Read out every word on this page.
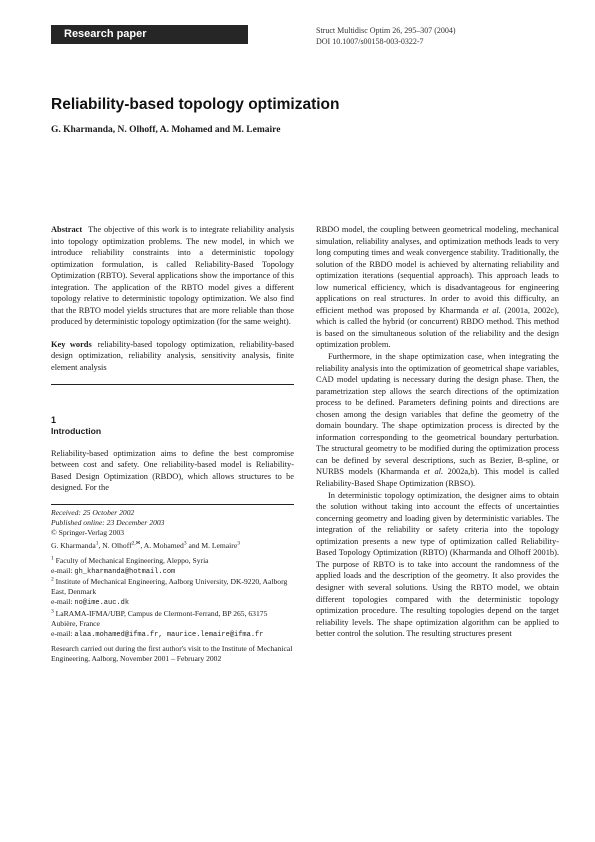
Research paper	Struct Multidisc Optim 26, 295–307 (2004)
DOI 10.1007/s00158-003-0322-7
Reliability-based topology optimization
G. Kharmanda, N. Olhoff, A. Mohamed and M. Lemaire

Abstract The objective of this work is to integrate reliability analysis into topology optimization problems. The new model, in which we introduce reliability constraints into a deterministic topology optimization formulation, is called Reliability-Based Topology Optimization (RBTO). Several applications show the importance of this integration. The application of the RBTO model gives a different topology relative to deterministic topology optimization. We also find that the RBTO model yields structures that are more reliable than those produced by deterministic topology optimization (for the same weight).

Key words reliability-based topology optimization, reliability-based design optimization, reliability analysis, sensitivity analysis, finite element analysis

1
Introduction

Reliability-based optimization aims to define the best compromise between cost and safety. One reliability-based model is Reliability-Based Design Optimization (RBDO), which allows structures to be designed. For the

Received: 25 October 2002

Published online: 23 December 2003

© Springer-Verlag 2003

G. Kharmanda$^1$, N. Olhoff$^{2,✉}$, A. Mohamed$^3$ and M. Lemaire$^3$

$^1$ Faculty of Mechanical Engineering, Aleppo, Syria

e-mail: gh_kharmanda@hotmail.com

$^2$ Institute of Mechanical Engineering, Aalborg University, DK-9220, Aalborg East, Denmark

e-mail: no@ime.auc.dk

$^3$ LaRAMA-IFMA/UBP, Campus de Clermont-Ferrand, BP 265, 63175 Aubière, France

e-mail: alaa.mohamed@ifma.fr, maurice.lemaire@ifma.fr

Research carried out during the first author's visit to the Institute of Mechanical Engineering, Aalborg, November 2001 – February 2002

RBDO model, the coupling between geometrical modeling, mechanical simulation, reliability analyses, and optimization methods leads to very long computing times and weak convergence stability. Traditionally, the solution of the RBDO model is achieved by alternating reliability and optimization iterations (sequential approach). This approach leads to low numerical efficiency, which is disadvantageous for engineering applications on real structures. In order to avoid this difficulty, an efficient method was proposed by Kharmanda et al. (2001a, 2002c), which is called the hybrid (or concurrent) RBDO method. This method is based on the simultaneous solution of the reliability and the design optimization problem.

Furthermore, in the shape optimization case, when integrating the reliability analysis into the optimization of geometrical shape variables, CAD model updating is necessary during the design phase. Then, the parametrization step allows the search directions of the optimization process to be defined. Parameters defining points and directions are chosen among the design variables that define the geometry of the domain boundary. The shape optimization process is directed by the information corresponding to the geometrical boundary perturbation. The structural geometry to be modified during the optimization process can be defined by several descriptions, such as Bezier, B-spline, or NURBS models (Kharmanda et al. 2002a,b). This model is called Reliability-Based Shape Optimization (RBSO).

In deterministic topology optimization, the designer aims to obtain the solution without taking into account the effects of uncertainties concerning geometry and loading given by deterministic variables. The integration of the reliability or safety criteria into the topology optimization presents a new type of optimization called Reliability-Based Topology Optimization (RBTO) (Kharmanda and Olhoff 2001b). The purpose of RBTO is to take into account the randomness of the applied loads and the description of the geometry. It also provides the designer with several solutions. Using the RBTO model, we obtain different topologies compared with the deterministic topology optimization procedure. The resulting topologies depend on the target reliability levels. The shape optimization algorithm can be applied to better control the solution. The resulting structures present
